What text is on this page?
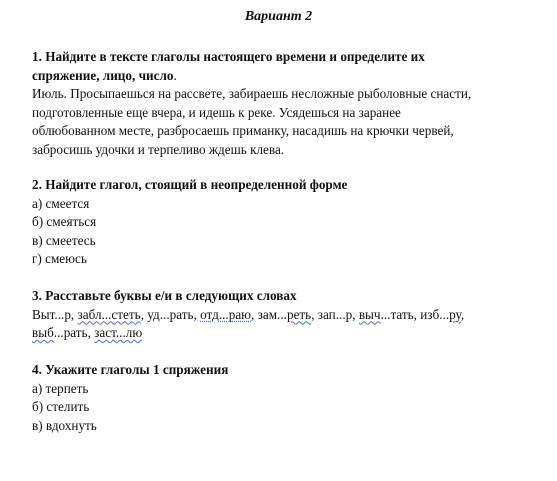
Вариант 2
1. Найдите в тексте глаголы настоящего времени и определите их
спряжение, лицо, число.
Июль. Просыпаешься на рассвете, забираешь несложные рыболовные снасти,
подготовленные еще вчера, и идешь к реке. Усядешься на заранее
облюбованном месте, разбросаешь приманку, насадишь на крючки червей,
забросишь удочки и терпеливо ждешь клева.
2. Найдите глагол, стоящий в неопределенной форме
а) смеется
б) смеяться
в) смеетесь
г) смеюсь
3. Расставьте буквы е/и в следующих словах
Выт...р, забл...стеть, уд...рать, отд...раю, зам...реть, зап...р, выч...тать, изб...ру,
выб...рать, заст...лю
4. Укажите глаголы 1 спряжения
а) терпеть
б) стелить
в) вдохнуть
